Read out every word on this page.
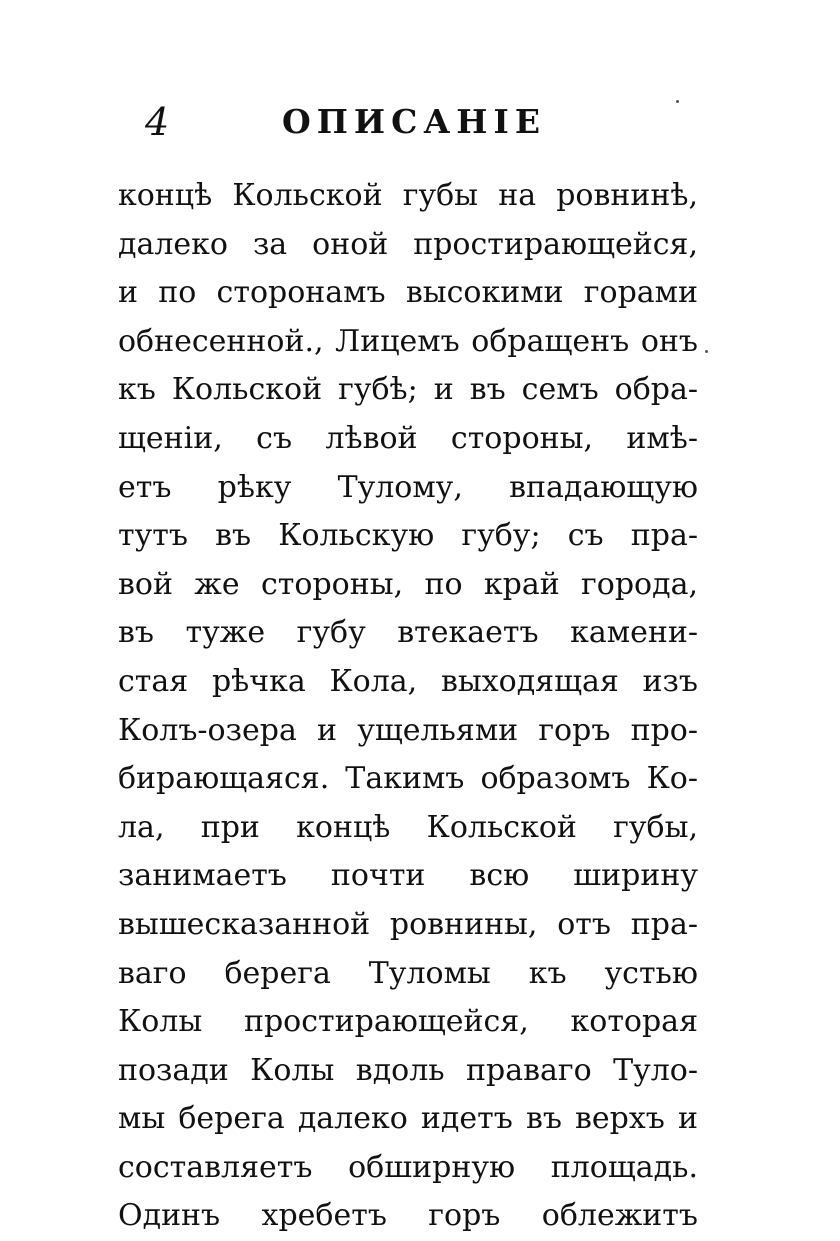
4	ОПИСАНІЕ
концѣ Кольской губы на ровнинѣ,
далеко за оной простирающейся,
и по сторонамъ высокими горами
обнесенной., Лицемъ обращенъ онъ
къ Кольской губѣ; и въ семъ обра-
щеніи, съ лѣвой стороны, имѣ-
етъ рѣку Тулому, впадающую
тутъ въ Кольскую губу; съ пра-
вой же стороны, по край города,
въ туже губу втекаетъ камени-
стая рѣчка Кола, выходящая изъ
Колъ-озера и ущельями горъ про-
бирающаяся. Такимъ образомъ Ко-
ла, при концѣ Кольской губы,
занимаетъ почти всю ширину
вышесказанной ровнины, отъ пра-
ваго берега Туломы къ устью
Колы простирающейся, которая
позади Колы вдоль праваго Туло-
мы берега далеко идетъ въ верхъ и
составляетъ обширную площадь.
Одинъ хребетъ горъ облежитъ
